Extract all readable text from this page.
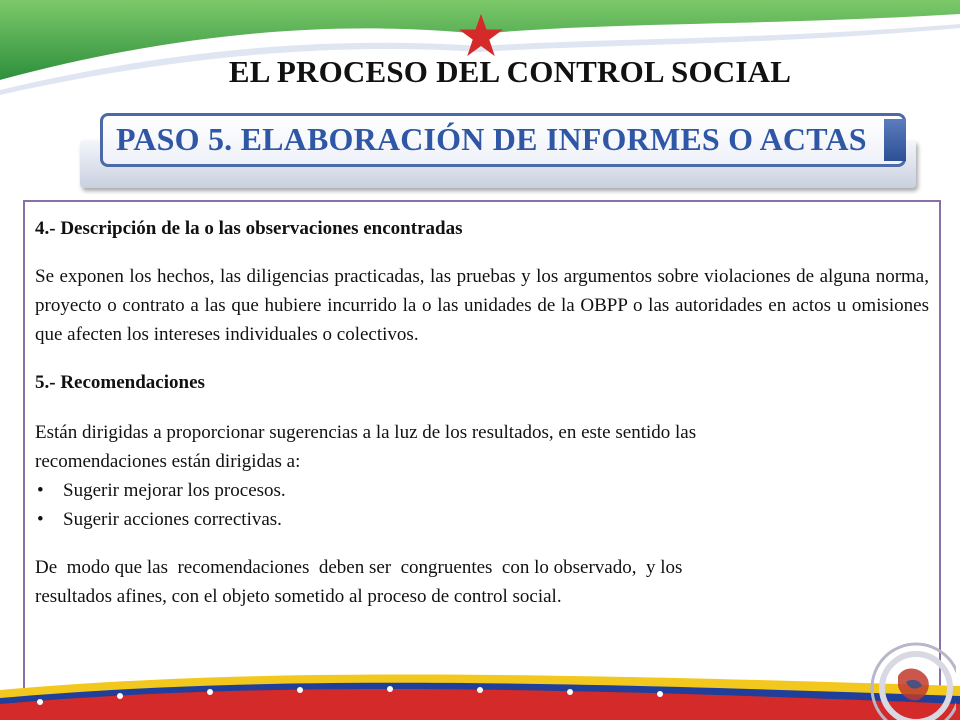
EL PROCESO DEL CONTROL SOCIAL
PASO 5. ELABORACIÓN DE INFORMES O ACTAS

4.- Descripción de la o las observaciones encontradas

Se exponen los hechos, las diligencias practicadas, las pruebas y los argumentos sobre violaciones de alguna norma, proyecto o contrato a las que hubiere incurrido la o las unidades de la OBPP o las autoridades en actos u omisiones que afecten los intereses individuales o colectivos.

5.- Recomendaciones

Están dirigidas a proporcionar sugerencias a la luz de los resultados, en este sentido las

recomendaciones están dirigidas a:

• Sugerir mejorar los procesos.
• Sugerir acciones correctivas.

De  modo que las  recomendaciones  deben ser  congruentes  con lo observado,  y los

resultados afines, con el objeto sometido al proceso de control social.
